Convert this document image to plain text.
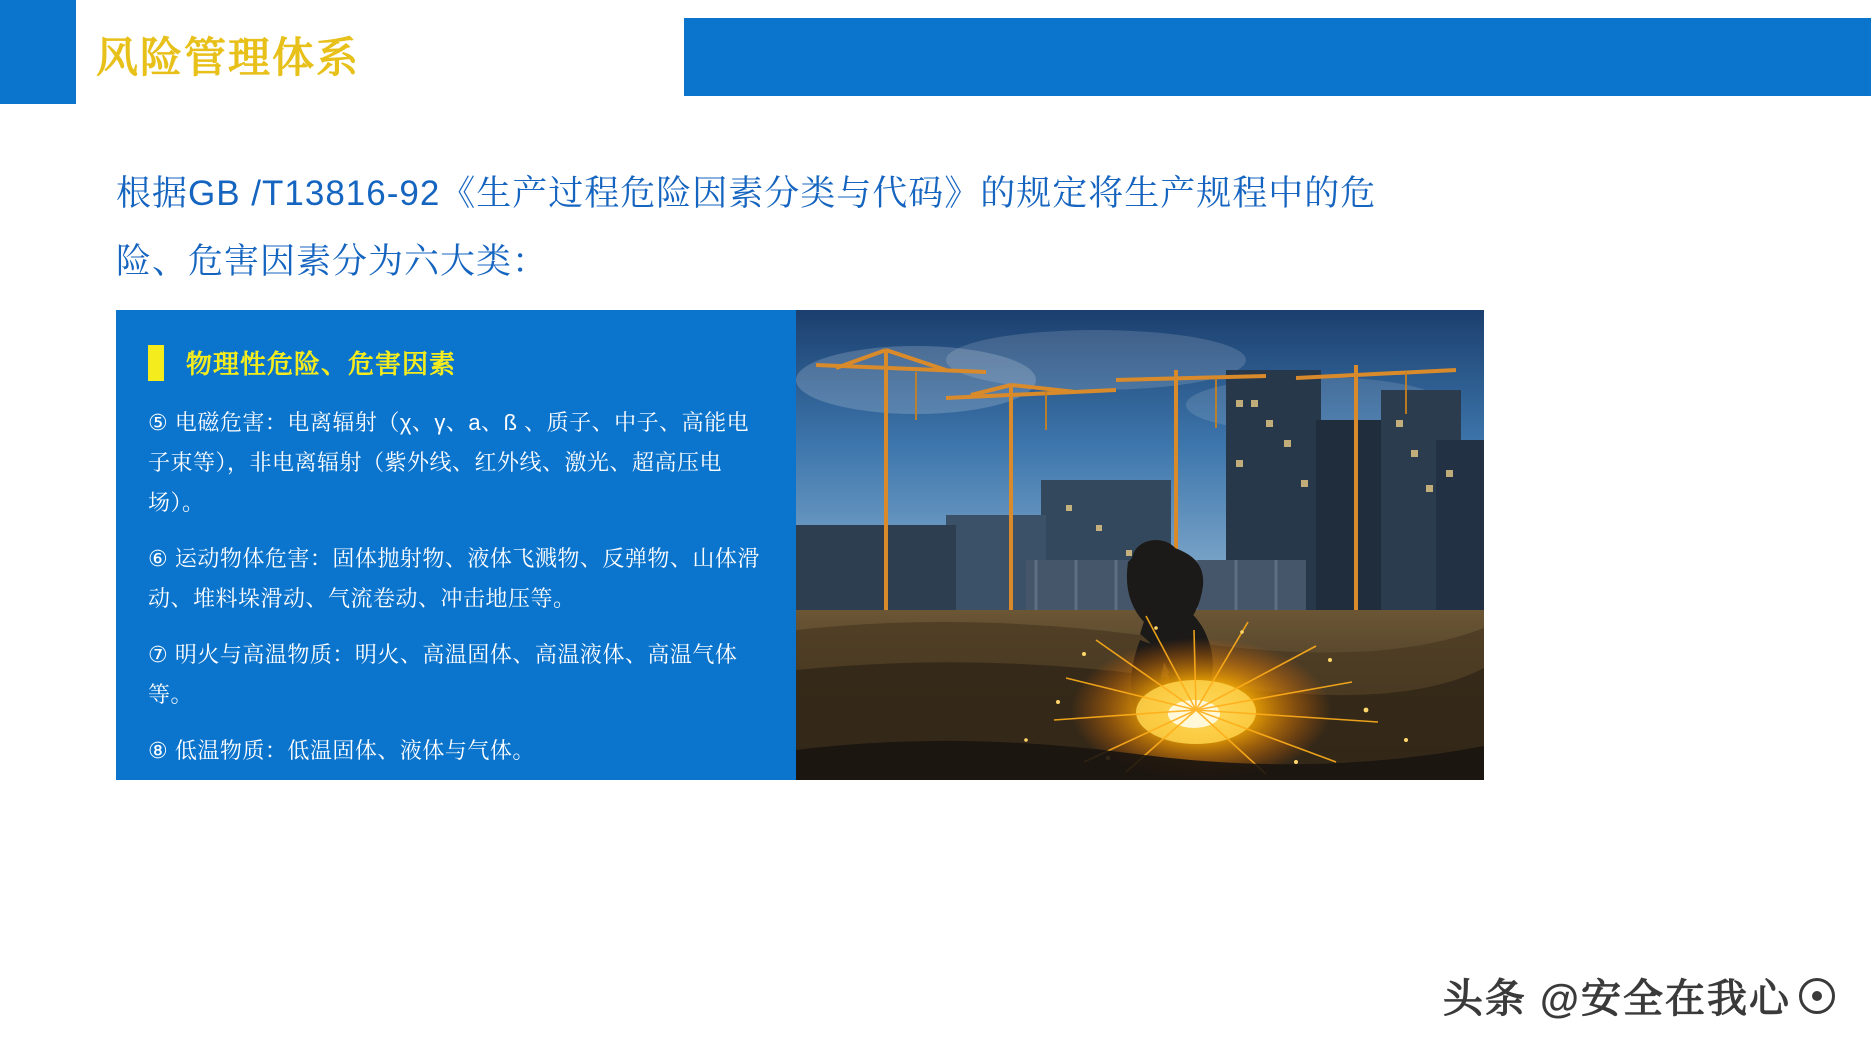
风险管理体系
根据GB /T13816-92《生产过程危险因素分类与代码》的规定将生产规程中的危险、危害因素分为六大类：
物理性危险、危害因素
⑤ 电磁危害：电离辐射（χ、γ、a、ß 、质子、中子、高能电子束等），非电离辐射（紫外线、红外线、激光、超高压电场）。
⑥ 运动物体危害：固体抛射物、液体飞溅物、反弹物、山体滑动、堆料垛滑动、气流卷动、冲击地压等。
⑦ 明火与高温物质：明火、高温固体、高温液体、高温气体等。
⑧ 低温物质：低温固体、液体与气体。
头条 @安全在我心
